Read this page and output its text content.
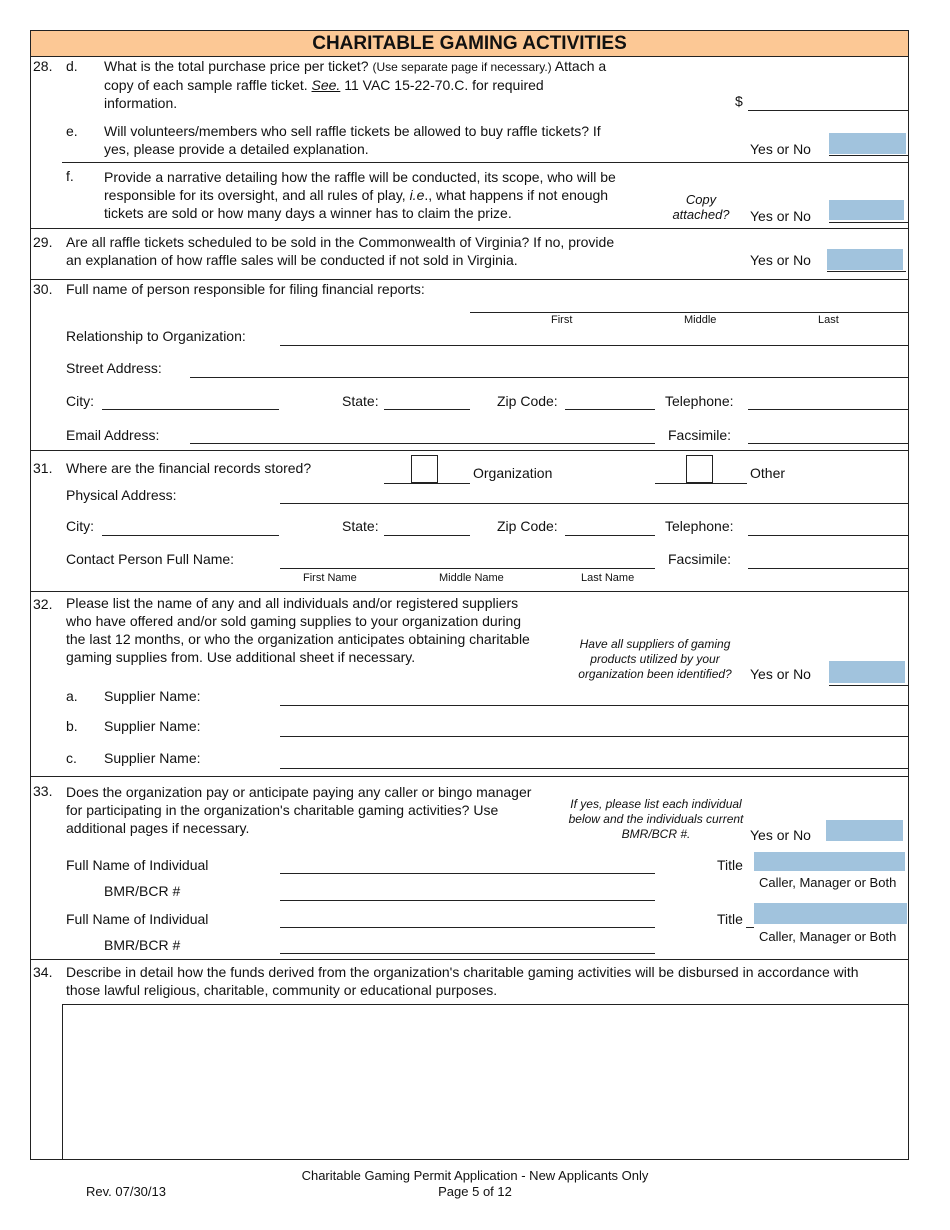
CHARITABLE GAMING ACTIVITIES
28. d. What is the total purchase price per ticket? (Use separate page if necessary.) Attach a
copy of each sample raffle ticket. See. 11 VAC 15-22-70.C. for required
information.	$
e. Will volunteers/members who sell raffle tickets be allowed to buy raffle tickets? If
yes, please provide a detailed explanation.	Yes or No
f. Provide a narrative detailing how the raffle will be conducted, its scope, who will be
responsible for its oversight, and all rules of play, i.e., what happens if not enough
tickets are sold or how many days a winner has to claim the prize.
Copy attached?	Yes or No
29. Are all raffle tickets scheduled to be sold in the Commonwealth of Virginia? If no, provide
an explanation of how raffle sales will be conducted if not sold in Virginia.	Yes or No
30. Full name of person responsible for filing financial reports:
First	Middle	Last
Relationship to Organization:
Street Address:
City:	State:	Zip Code:	Telephone:
Email Address:	Facsimile:
31. Where are the financial records stored?	Organization	Other
Physical Address:
City:	State:	Zip Code:	Telephone:
Contact Person Full Name:	Facsimile:
First Name	Middle Name	Last Name
32. Please list the name of any and all individuals and/or registered suppliers
who have offered and/or sold gaming supplies to your organization during
the last 12 months, or who the organization anticipates obtaining charitable
gaming supplies from. Use additional sheet if necessary.
Have all suppliers of gaming products utilized by your organization been identified?	Yes or No
a. Supplier Name:
b. Supplier Name:
c. Supplier Name:
33. Does the organization pay or anticipate paying any caller or bingo manager
for participating in the organization's charitable gaming activities? Use
additional pages if necessary.
If yes, please list each individual below and the individuals current BMR/BCR #.	Yes or No
Full Name of Individual	Title
Caller, Manager or Both
BMR/BCR #
Full Name of Individual	Title
Caller, Manager or Both
BMR/BCR #
34. Describe in detail how the funds derived from the organization's charitable gaming activities will be disbursed in accordance with
those lawful religious, charitable, community or educational purposes.
Rev. 07/30/13
Charitable Gaming Permit Application - New Applicants Only
Page 5 of 12
